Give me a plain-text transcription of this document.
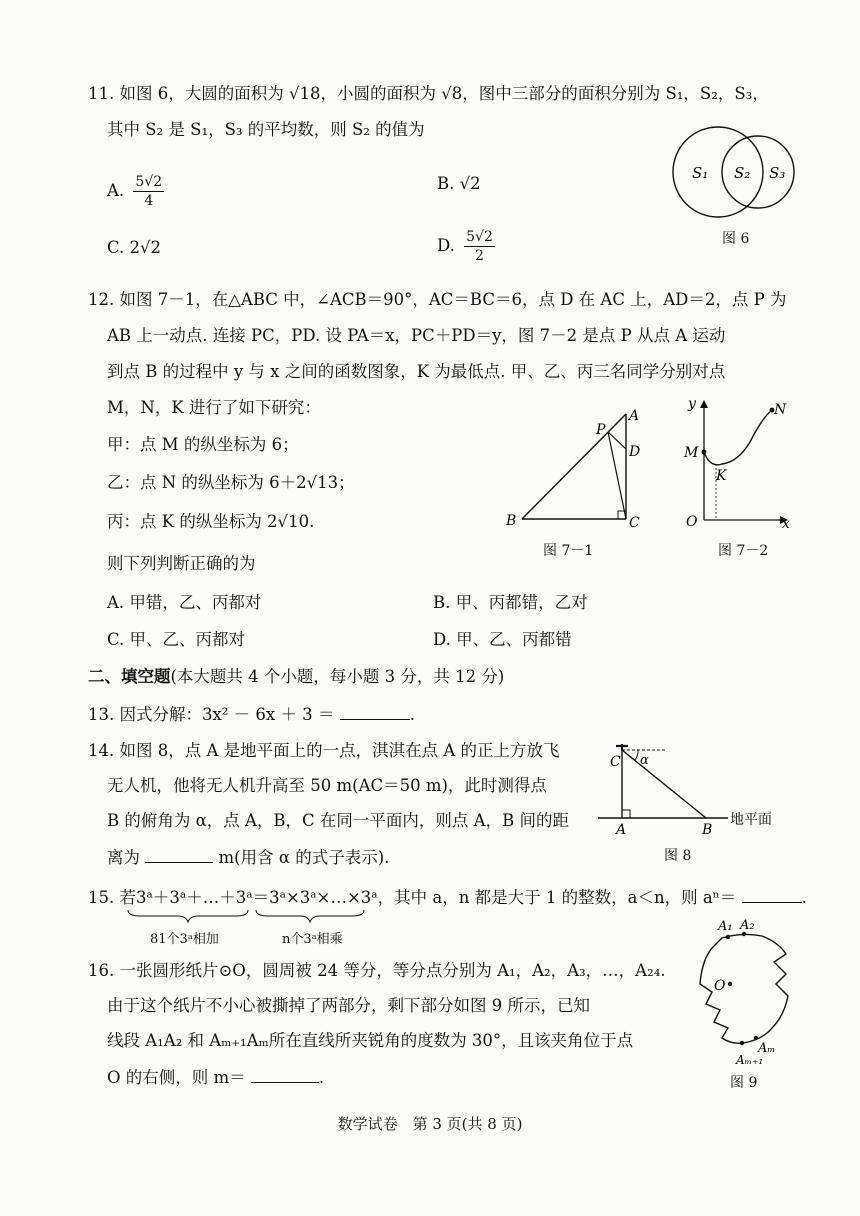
11. 如图 6，大圆的面积为 √18，小圆的面积为 √8，图中三部分的面积分别为 S₁，S₂，S₃，
其中 S₂ 是 S₁，S₃ 的平均数，则 S₂ 的值为
A. $\frac{5√2}{4}$	B. √2
C. 2√2	D. $\frac{5√2}{2}$
S₁ S₂ S₃
图 6
12. 如图 7－1，在△ABC 中，∠ACB＝90°，AC＝BC＝6，点 D 在 AC 上，AD＝2，点 P 为
AB 上一动点. 连接 PC，PD. 设 PA＝x，PC＋PD＝y，图 7－2 是点 P 从点 A 运动
到点 B 的过程中 y 与 x 之间的函数图象，K 为最低点. 甲、乙、丙三名同学分别对点
M，N，K 进行了如下研究：
甲：点 M 的纵坐标为 6；
乙：点 N 的纵坐标为 6＋2√13；
丙：点 K 的纵坐标为 2√10.
则下列判断正确的为
A. 甲错，乙、丙都对	B. 甲、丙都错，乙对
C. 甲、乙、丙都对	D. 甲、乙、丙都错
A
B	C
D
P
图 7－1
y
x
O
M
N
K
图 7－2
二、填空题(本大题共 4 个小题，每小题 3 分，共 12 分)
13. 因式分解：3x² － 6x ＋ 3 ＝	.
14. 如图 8，点 A 是地平面上的一点，淇淇在点 A 的正上方放飞
无人机，他将无人机升高至 50 m(AC＝50 m)，此时测得点
B 的俯角为 α，点 A，B，C 在同一平面内，则点 A，B 间的距
离为	m(用含 α 的式子表示).
C α
A	B
地平面
图 8
15. 若3ᵃ＋3ᵃ＋…＋3ᵃ＝3ᵃ×3ᵃ×…×3ᵃ，其中 a，n 都是大于 1 的整数，a＜n，则 aⁿ＝	.
81个3ᵃ相加	n个3ᵃ相乘
16. 一张圆形纸片⊙O，圆周被 24 等分，等分点分别为 A₁，A₂，A₃，…，A₂₄.
由于这个纸片不小心被撕掉了两部分，剩下部分如图 9 所示，已知
线段 A₁A₂ 和 Aₘ₊₁Aₘ所在直线所夹锐角的度数为 30°，且该夹角位于点
O 的右侧，则 m＝	.
A₁ A₂
O
Aₘ
Aₘ₊₁
图 9
数学试卷　第 3 页(共 8 页)
